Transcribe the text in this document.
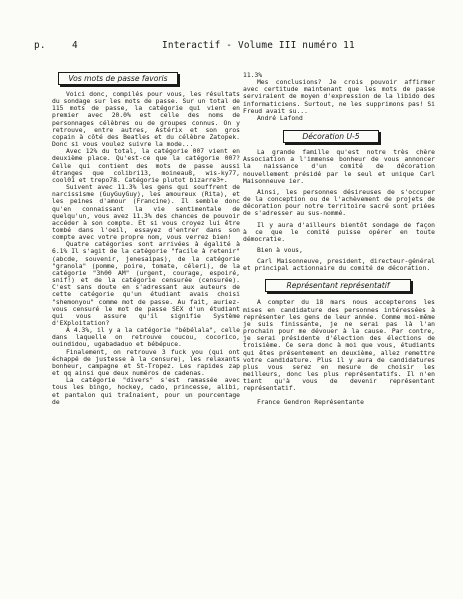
p.	4	Interactif - Volume III numéro 11
Vos mots de passe favoris

Voici donc, compilés pour vous, les résultats du sondage sur les mots de passe. Sur un total de 115 mots de passe, la catégorie qui vient en premier avec 20.0% est celle des noms de personnages célèbres ou de groupes connus. On y retrouve, entre autres, Astérix et son gros copain à côté des Beatles et du célèbre Zatopek. Donc si vous voulez suivre la mode...

Avec 12% du total, la catégorie 007 vient en deuxième place. Qu'est-ce que la catégorie 007? Celle qui contient des mots de passe aussi étranges que colibri13, moineau8, wis-ky77, cool01 et trepo78. Catégorie plutot bizarre3+.

Suivent avec 11.3% les gens qui souffrent de narcissisme (GuyGuyGuy), les amoureux (Rita), et les peines d'amour (Francine). Il semble donc qu'en connaissant la vie sentimentale de quelqu'un, vous avez 11.3% des chances de pouvoir accéder à son compte. Et si vous croyez lui être tombé dans l'oeil, essayez d'entrer dans son compte avec votre propre nom, vous verrez bien!

Quatre catégories sont arrivées à égalité à 6.1% Il s'agit de la catégorie "facile à retenir" (abcde, souvenir, jenesaipas), de la catégorie "granola" (pomme, poire, tomate, céleri), de la catégorie "3h00 AM" (urgent, courage, espoiré, snif!) et de la catégorie censurée (censurée). C'est sans doute en s'adressant aux auteurs de cette catégorie qu'un étudiant avais choisi "shemonyou" comme mot de passe. Au fait, auriez-vous censuré le mot de passe SEX d'un étudiant qui vous assure qu'il signifie Système d'EXploitation?

A 4.3%, il y a la catégorie "bébélala", celle dans laquelle on retrouve coucou, cocorico, ouindidou, ugabadaduo et bébépuce.

Finalement, on retrouve 3 fuck you (qui ont échappé de justesse à la censure), les relaxants bonheur, campagne et St-Tropez. Les rapides zap et qq ainsi que deux numéros de cadenas.

La catégorie "divers" s'est ramassée avec tous les bingo, hockey, cado, princesse, alibi, et pantalon qui traînaient, pour un pourcentage de

11.3%

Mes conclusions? Je crois pouvoir affirmer avec certitude maintenant que les mots de passe serviraient de moyen d'expression de la libido des informaticiens. Surtout, ne les supprimons pas! Si Freud avait su...

André Lafond

Décoration U-5

La grande famille qu'est notre très chère Association a l'immense bonheur de vous annoncer la naissance d'un comité de décoration nouvellement présidé par le seul et unique Carl Maisonneuve ier.

Ainsi, les personnes désireuses de s'occuper de la conception ou de l'achèvement de projets de décoration pour notre territoire sacré sont priées de s'adresser au sus-nommé.

Il y aura d'ailleurs bientôt sondage de façon à ce que le comité puisse opérer en toute démocratie.

Bien à vous,

Carl Maisonneuve, president, directeur-général et principal actionnaire du comité de décoration.

Représentant représentatif

A compter du 18 mars nous accepterons les mises en candidature des personnes intéressées à représenter les gens de leur année. Comme moi-même je suis finissante, je ne serai pas là l'an prochain pour me dévouer à la cause. Par contre, je serai présidente d'élection des élections de troisième. Ce sera donc à moi que vous, étudiants qui êtes présentement en deuxième, allez remettre votre candidature. Plus il y aura de candidatures plus vous serez en mesure de choisir les meilleurs, donc les plus représentatifs. Il n'en tient qu'à vous de devenir représentant représentatif.

France Gendron Représentante
